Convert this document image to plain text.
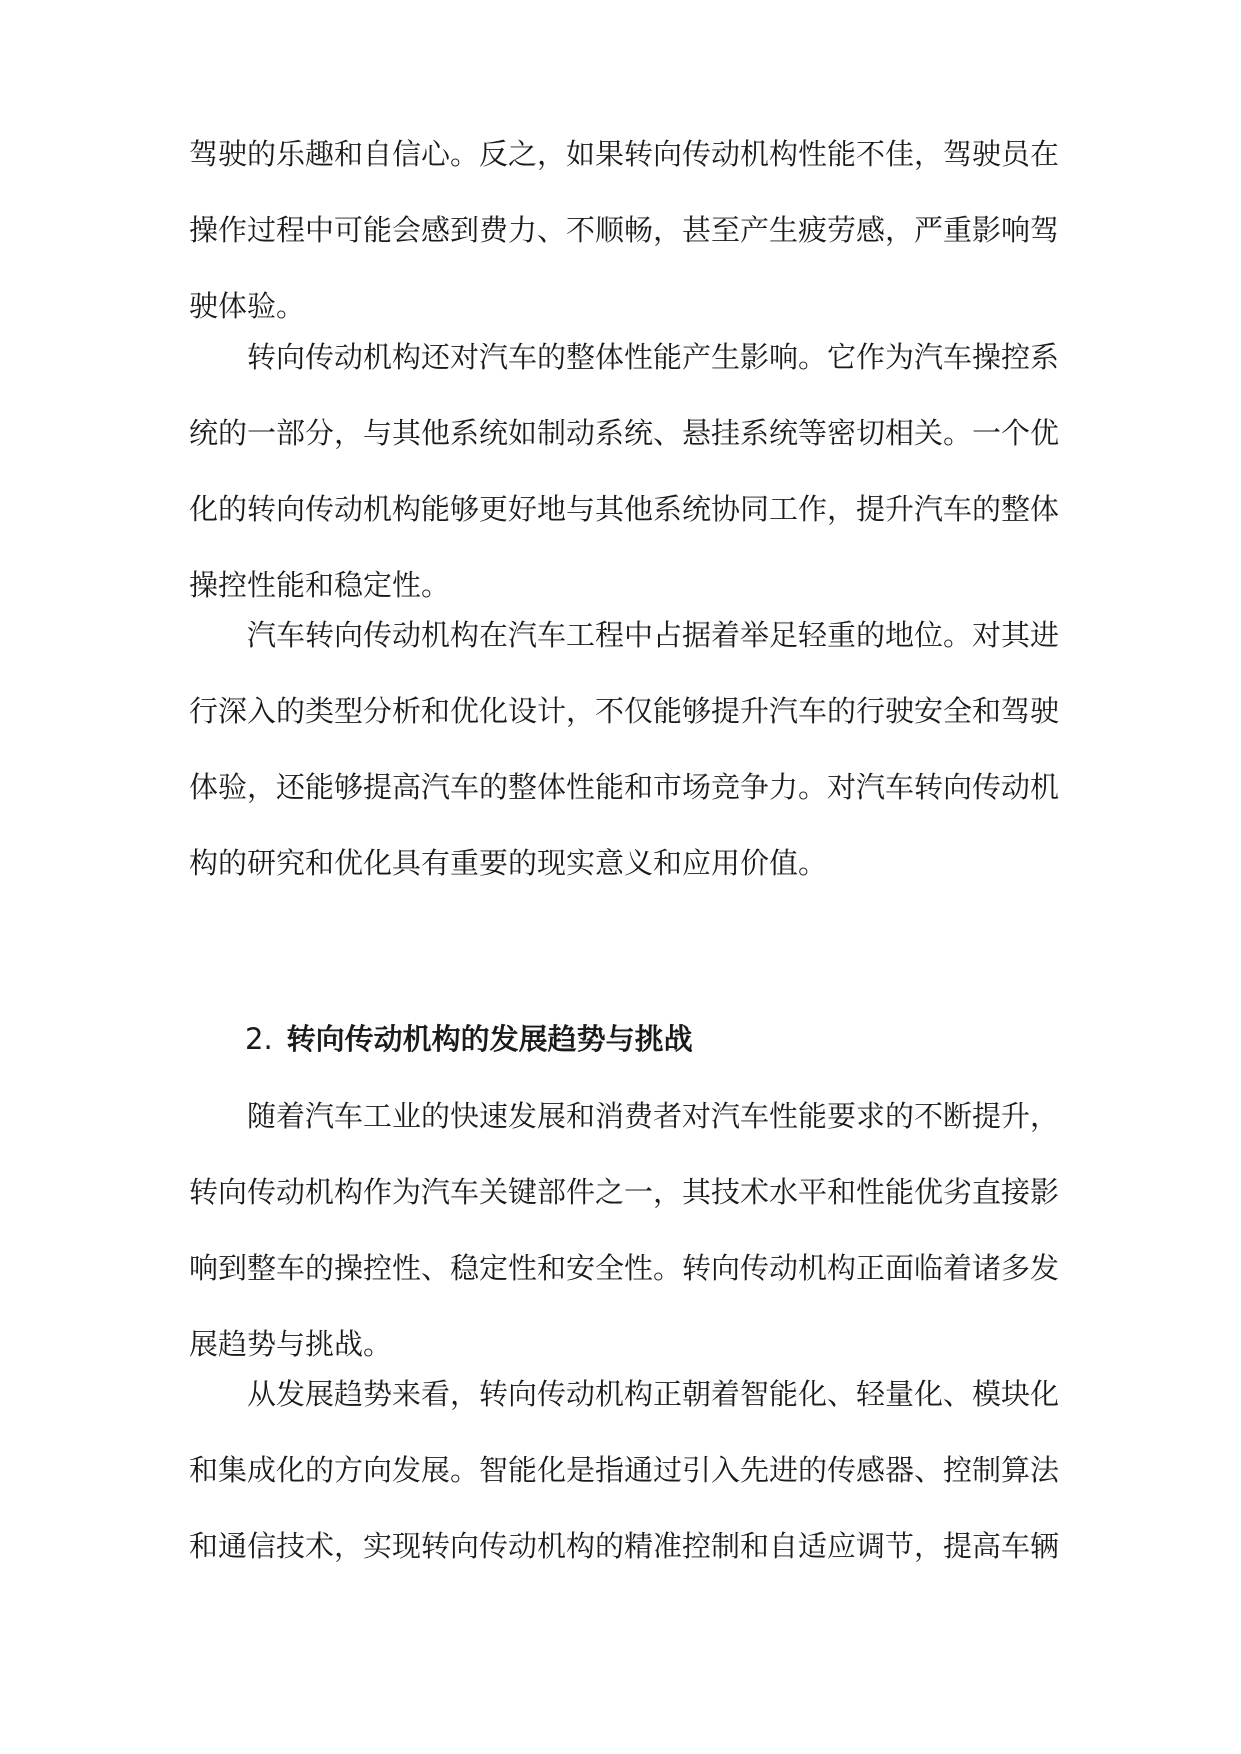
驾驶的乐趣和自信心。反之，如果转向传动机构性能不佳，驾驶员在
操作过程中可能会感到费力、不顺畅，甚至产生疲劳感，严重影响驾
驶体验。
　　转向传动机构还对汽车的整体性能产生影响。它作为汽车操控系
统的一部分，与其他系统如制动系统、悬挂系统等密切相关。一个优
化的转向传动机构能够更好地与其他系统协同工作，提升汽车的整体
操控性能和稳定性。
　　汽车转向传动机构在汽车工程中占据着举足轻重的地位。对其进
行深入的类型分析和优化设计，不仅能够提升汽车的行驶安全和驾驶
体验，还能够提高汽车的整体性能和市场竞争力。对汽车转向传动机
构的研究和优化具有重要的现实意义和应用价值。
2. 转向传动机构的发展趋势与挑战
　　随着汽车工业的快速发展和消费者对汽车性能要求的不断提升，
转向传动机构作为汽车关键部件之一，其技术水平和性能优劣直接影
响到整车的操控性、稳定性和安全性。转向传动机构正面临着诸多发
展趋势与挑战。
　　从发展趋势来看，转向传动机构正朝着智能化、轻量化、模块化
和集成化的方向发展。智能化是指通过引入先进的传感器、控制算法
和通信技术，实现转向传动机构的精准控制和自适应调节，提高车辆
